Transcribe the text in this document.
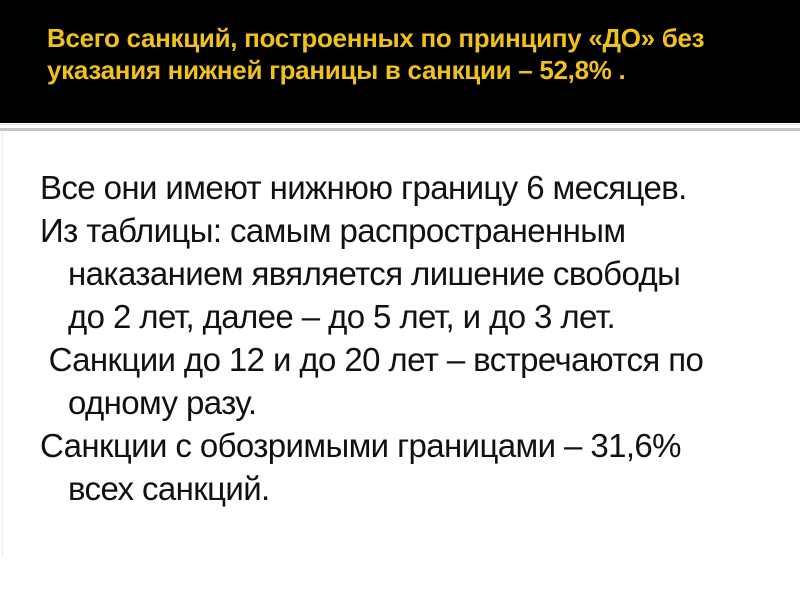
Всего санкций, построенных по принципу «ДО» без
указания нижней границы в санкции – 52,8% .
Все они имеют нижнюю границу 6 месяцев.
Из таблицы: самым распространенным
наказанием явяляется лишение свободы
до 2 лет, далее – до 5 лет, и до 3 лет.
Санкции до 12 и до 20 лет – встречаются по
одному разу.
Санкции с обозримыми границами – 31,6%
всех санкций.
